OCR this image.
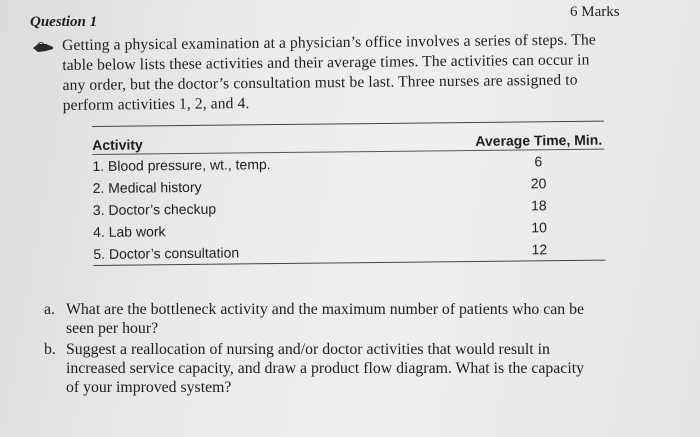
Question 1
6 Marks
Getting a physical examination at a physician’s office involves a series of steps. The
table below lists these activities and their average times. The activities can occur in
any order, but the doctor’s consultation must be last. Three nurses are assigned to
perform activities 1, 2, and 4.
Activity	Average Time, Min.
1. Blood pressure, wt., temp.	6
2. Medical history	20
3. Doctor’s checkup	18
4. Lab work	10
5. Doctor’s consultation	12
a. What are the bottleneck activity and the maximum number of patients who can be
seen per hour?
b. Suggest a reallocation of nursing and/or doctor activities that would result in
increased service capacity, and draw a product flow diagram. What is the capacity
of your improved system?
